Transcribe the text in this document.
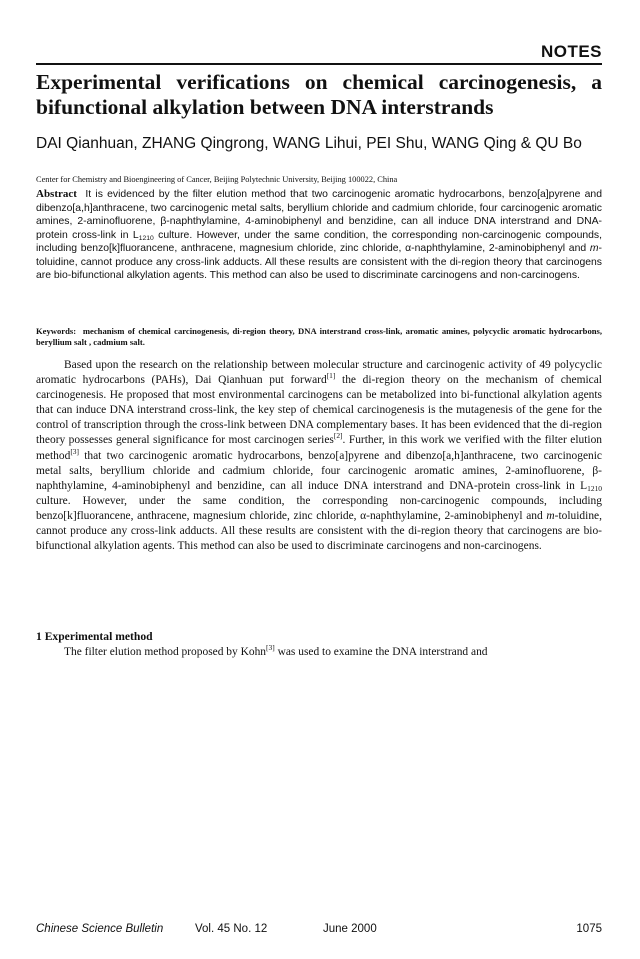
NOTES
Experimental verifications on chemical carcinogenesis, a bifunctional alkylation between DNA interstrands

DAI Qianhuan, ZHANG Qingrong, WANG Lihui, PEI Shu, WANG Qing & QU Bo

Center for Chemistry and Bioengineering of Cancer, Beijing Polytechnic University, Beijing 100022, China

Abstract It is evidenced by the filter elution method that two carcinogenic aromatic hydrocarbons, benzo[a]pyrene and dibenzo[a,h]anthracene, two carcinogenic metal salts, beryllium chloride and cadmium chloride, four carcinogenic aromatic amines, 2-aminofluorene, β-naphthylamine, 4-aminobiphenyl and benzidine, can all induce DNA interstrand and DNA-protein cross-link in $L_{1210}$ culture. However, under the same condition, the corresponding non-carcinogenic compounds, including benzo[k]fluorancene, anthracene, magnesium chloride, zinc chloride, α-naphthylamine, 2-aminobiphenyl and m-toluidine, cannot produce any cross-link adducts. All these results are consistent with the di-region theory that carcinogens are bio-bifunctional alkylation agents. This method can also be used to discriminate carcinogens and non-carcinogens.

Keywords: mechanism of chemical carcinogenesis, di-region theory, DNA interstrand cross-link, aromatic amines, polycyclic aromatic hydrocarbons, beryllium salt , cadmium salt.

Based upon the research on the relationship between molecular structure and carcinogenic activity of 49 polycyclic aromatic hydrocarbons (PAHs), Dai Qianhuan put forward[1] the di-region theory on the mechanism of chemical carcinogenesis. He proposed that most environmental carcinogens can be metabolized into bi-functional alkylation agents that can induce DNA interstrand cross-link, the key step of chemical carcinogenesis is the mutagenesis of the gene for the control of transcription through the cross-link between DNA complementary bases. It has been evidenced that the di-region theory possesses general significance for most carcinogen series[2]. Further, in this work we verified with the filter elution method[3] that two carcinogenic aromatic hydrocarbons, benzo[a]pyrene and dibenzo[a,h]anthracene, two carcinogenic metal salts, beryllium chloride and cadmium chloride, four carcinogenic aromatic amines, 2-aminofluorene, β-naphthylamine, 4-aminobiphenyl and benzidine, can all induce DNA interstrand and DNA-protein cross-link in $L_{1210}$ culture. However, under the same condition, the corresponding non-carcinogenic compounds, including benzo[k]fluorancene, anthracene, magnesium chloride, zinc chloride, α-naphthylamine, 2-aminobiphenyl and m-toluidine, cannot produce any cross-link adducts. All these results are consistent with the di-region theory that carcinogens are bio-bifunctional alkylation agents. This method can also be used to discriminate carcinogens and non-carcinogens.

1 Experimental method

The filter elution method proposed by Kohn[3] was used to examine the DNA interstrand and

Chinese Science Bulletin	Vol. 45 No. 12	June 2000	1075
